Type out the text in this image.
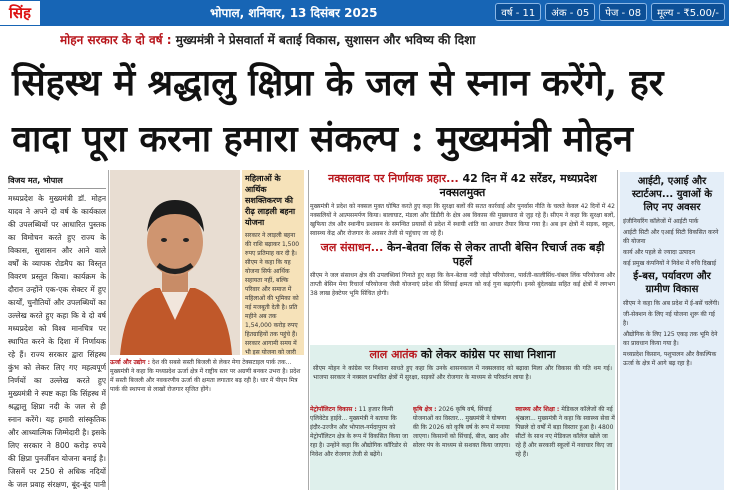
सिंह	भोपाल, शनिवार, 13 दिसंबर 2025	वर्ष - 11	अंक - 05	पेज - 08	मूल्य - ₹5.00/-
मोहन सरकार के दो वर्ष : मुख्यमंत्री ने प्रेसवार्ता में बताई विकास, सुशासन और भविष्य की दिशा
सिंहस्थ में श्रद्धालु क्षिप्रा के जल से स्नान करेंगे, हर वादा पूरा करना हमारा संकल्प : मुख्यमंत्री मोहन
विजय मत, भोपाल
मध्यप्रदेश के मुख्यमंत्री डॉ. मोहन यादव ने अपने दो वर्ष के कार्यकाल की उपलब्धियों पर आधारित पुस्तक का विमोचन करते हुए राज्य के विकास, सुशासन और आने वाले वर्षों के व्यापक रोडमैप का विस्तृत विवरण प्रस्तुत किया। कार्यक्रम के दौरान उन्होंने एक-एक सेक्टर में हुए कार्यों, चुनौतियों और उपलब्धियों का उल्लेख करते हुए कहा कि वे दो वर्ष मध्यप्रदेश को विश्व मानचित्र पर स्थापित करने के दिशा में निर्णायक रहे हैं। राज्य सरकार द्वारा सिंहस्थ कुंभ को लेकर लिए गए महत्वपूर्ण निर्णयों का उल्लेख करते हुए मुख्यमंत्री ने स्पष्ट कहा कि सिंहस्थ में श्रद्धालु क्षिप्रा नदी के जल से ही स्नान करेंगे। यह हमारी सांस्कृतिक और आध्यात्मिक जिम्मेदारी है। इसके लिए सरकार ने 800 करोड़ रुपये की क्षिप्रा पुनर्जीवन योजना बनाई है। जिसमें पर 250 से अधिक नदियों के जल प्रवाह संरक्षण, बूंद-बूंद पानी
महिलाओं के आर्थिक सशक्तिकरण की रीढ़ लाड़ली बहना योजना
सरकार ने लाड़ली बहना की राशि बढ़ाकर 1,500 रुपए प्रतिमाह कर दी है। सीएम ने कहा कि यह योजना सिर्फ आर्थिक सहायता नहीं, बल्कि परिवार और समाज में महिलाओं की भूमिका को नई मजबूती देती है। प्रति महीने अब तक 1,54,000 करोड़ रुपए हितग्राहियों तक पहुंचे हैं। सरकार आगामी समय में भी इस योजना को जारी
नक्सलवाद पर निर्णायक प्रहार... 42 दिन में 42 सरेंडर, मध्यप्रदेश नक्सलमुक्त
मुख्यमंत्री ने प्रदेश को नक्सल मुक्त घोषित करते हुए कहा कि सुरक्षा बलों की सतत कार्रवाई और पुनर्वास नीति के चलते केवल 42 दिनों में 42 नक्सलियों ने आत्मसमर्पण किया। बालाघाट, मंडला और डिंडौरी के क्षेत्र अब विकास की मुख्यधारा से जुड़ रहे हैं। सीएम ने कहा कि सुरक्षा बलों, खुफिया तंत्र और स्थानीय प्रशासन के समन्वित प्रयासों से प्रदेश में स्थायी शांति का आधार तैयार किया गया है। अब इन क्षेत्रों में सड़क, स्कूल, स्वास्थ्य केंद्र और रोजगार के अवसर तेजी से पहुंचाए जा रहे हैं।
जल संसाधन... केन-बेतवा लिंक से लेकर ताप्ती बेसिन रिचार्ज तक बड़ी पहलें
सीएम ने जल संसाधन क्षेत्र की उपलब्धियां गिनाते हुए कहा कि केन-बेतवा नदी जोड़ो परियोजना, पार्वती-कालीसिंध-चंबल लिंक परियोजना और ताप्ती बेसिन मेगा रिचार्ज परियोजना जैसी योजनाएं प्रदेश की सिंचाई क्षमता को कई गुना बढ़ाएंगी। इनसे बुंदेलखंड सहित कई क्षेत्रों में लगभग 38 लाख हेक्टेयर भूमि सिंचित होगी।
आईटी, एआई और स्टार्टअप... युवाओं के लिए नए अवसर
इंजीनियरिंग कॉलेजों में आईटी पार्क
आईटी सिटी और एआई सिटी विकसित करने की योजना
कार्य और पहले से ज्यादा उत्पादन
कई प्रमुख कंपनियों ने निवेश में रुचि दिखाई
ई-बस, पर्यावरण और ग्रामीण विकास
सीएम ने कहा कि अब प्रदेश में ई-बसें चलेंगी।
जी-सेक्शन के लिए नई योजना शुरू की गई है।
औद्योगिक के लिए 125 एकड़ तक भूमि देने का प्रावधान किया गया है।
मध्यप्रदेश किसान, पशुपालन और वैकल्पिक ऊर्जा के क्षेत्र में आगे बढ़ रहा है।
ऊर्जा और उद्योग : देश की सबसे सस्ती बिजली से लेकर मेगा टेक्सटाइल पार्क तक... मुख्यमंत्री ने कहा कि मध्यप्रदेश ऊर्जा क्षेत्र में राष्ट्रीय स्तर पर अग्रणी बनकर उभरा है। प्रदेश में सस्ती बिजली और नवकरणीय ऊर्जा की क्षमता लगातार बढ़ रही है। धार में पीएम मित्र पार्क की स्थापना से लाखों रोजगार सृजित होंगे।
लाल आतंक को लेकर कांग्रेस पर साधा निशाना
सीएम मोहन ने कांग्रेस पर निशाना साधते हुए कहा कि उनके शासनकाल में नक्सलवाद को बढ़ावा मिला और विकास की गति थम गई। भाजपा सरकार ने नक्सल प्रभावित क्षेत्रों में सुरक्षा, सड़कों और रोजगार के माध्यम से परिवर्तन लाया है।
मेट्रोपॉलिटन विकास : 11 हजार किमी एलिवेटेड हाईवे... मुख्यमंत्री ने बताया कि इंदौर-उज्जैन और भोपाल-नर्मदापुरम को मेट्रोपॉलिटन क्षेत्र के रूप में विकसित किया जा रहा है। उन्होंने कहा कि औद्योगिक कॉरिडोर से निवेश और रोजगार तेजी से बढ़ेंगे।
कृषि क्षेत्र : 2026 कृषि वर्ष, सिंचाई योजनाओं का विस्तार... मुख्यमंत्री ने घोषणा की कि 2026 को कृषि वर्ष के रूप में मनाया जाएगा। किसानों को सिंचाई, बीज, खाद और सोलर पंप के माध्यम से सशक्त किया जाएगा।
स्वास्थ्य और शिक्षा : मेडिकल कॉलेजों की नई श्रृंखला... मुख्यमंत्री ने कहा कि स्वास्थ्य सेवा में पिछले दो वर्षों में बड़ा विस्तार हुआ है। 4800 सीटों के साथ नए मेडिकल कॉलेज खोले जा रहे हैं और सरकारी स्कूलों में नवाचार किए जा रहे हैं।
